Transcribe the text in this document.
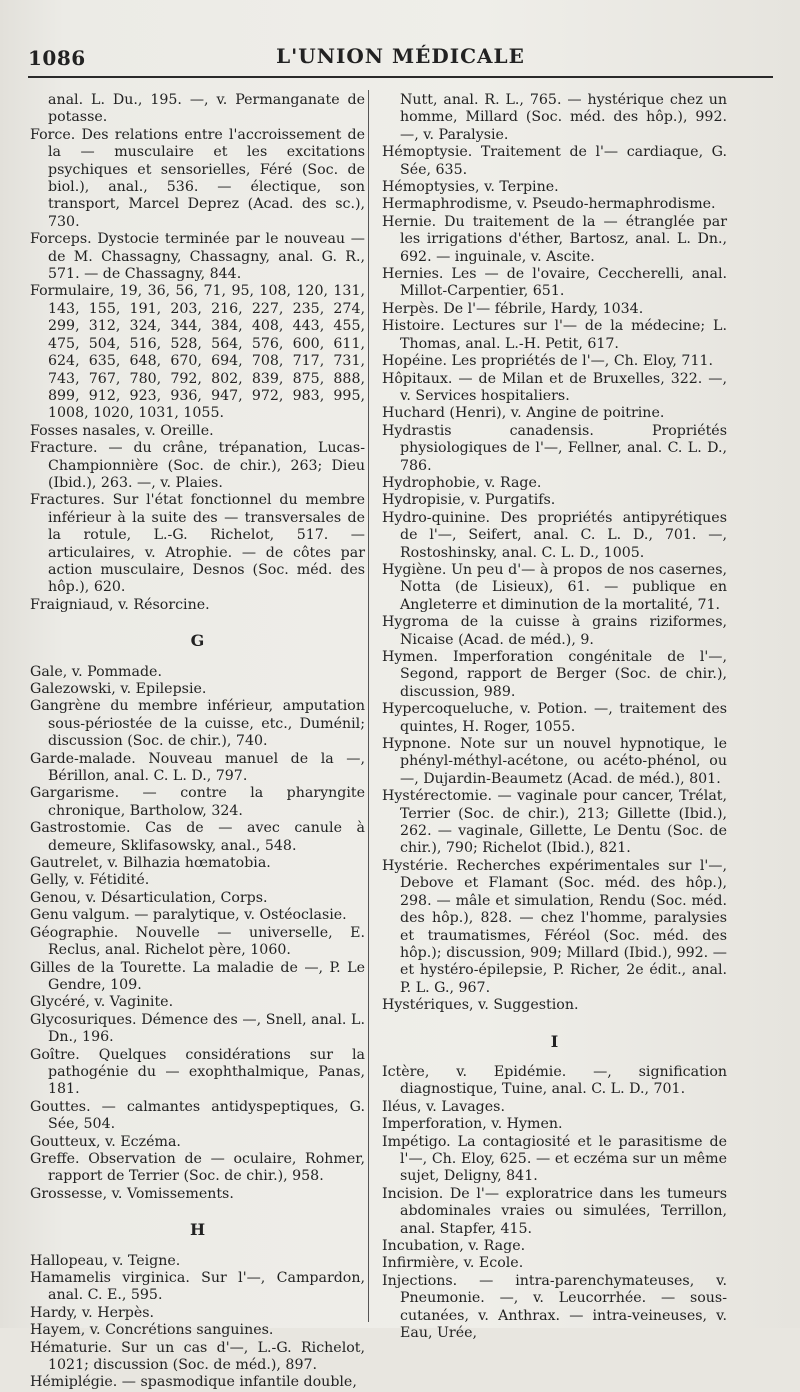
1086	L'UNION MÉDICALE

anal. L. Du., 195. —, v. Permanganate de potasse.

Force. Des relations entre l'accroissement de la — musculaire et les excitations psychiques et sensorielles, Féré (Soc. de biol.), anal., 536. — électique, son transport, Marcel Deprez (Acad. des sc.), 730.

Forceps. Dystocie terminée par le nouveau — de M. Chassagny, Chassagny, anal. G. R., 571. — de Chassagny, 844.

Formulaire, 19, 36, 56, 71, 95, 108, 120, 131, 143, 155, 191, 203, 216, 227, 235, 274, 299, 312, 324, 344, 384, 408, 443, 455, 475, 504, 516, 528, 564, 576, 600, 611, 624, 635, 648, 670, 694, 708, 717, 731, 743, 767, 780, 792, 802, 839, 875, 888, 899, 912, 923, 936, 947, 972, 983, 995, 1008, 1020, 1031, 1055.

Fosses nasales, v. Oreille.

Fracture. — du crâne, trépanation, Lucas-Championnière (Soc. de chir.), 263; Dieu (Ibid.), 263. —, v. Plaies.

Fractures. Sur l'état fonctionnel du membre inférieur à la suite des — transversales de la rotule, L.-G. Richelot, 517. — articulaires, v. Atrophie. — de côtes par action musculaire, Desnos (Soc. méd. des hôp.), 620.

Fraigniaud, v. Résorcine.

G

Gale, v. Pommade.

Galezowski, v. Epilepsie.

Gangrène du membre inférieur, amputation sous-périostée de la cuisse, etc., Duménil; discussion (Soc. de chir.), 740.

Garde-malade. Nouveau manuel de la —, Bérillon, anal. C. L. D., 797.

Gargarisme. — contre la pharyngite chronique, Bartholow, 324.

Gastrostomie. Cas de — avec canule à demeure, Sklifasowsky, anal., 548.

Gautrelet, v. Bilhazia hœmatobia.

Gelly, v. Fétidité.

Genou, v. Désarticulation, Corps.

Genu valgum. — paralytique, v. Ostéoclasie.

Géographie. Nouvelle — universelle, E. Reclus, anal. Richelot père, 1060.

Gilles de la Tourette. La maladie de —, P. Le Gendre, 109.

Glycéré, v. Vaginite.

Glycosuriques. Démence des —, Snell, anal. L. Dn., 196.

Goître. Quelques considérations sur la pathogénie du — exophthalmique, Panas, 181.

Gouttes. — calmantes antidyspeptiques, G. Sée, 504.

Goutteux, v. Eczéma.

Greffe. Observation de — oculaire, Rohmer, rapport de Terrier (Soc. de chir.), 958.

Grossesse, v. Vomissements.

H

Hallopeau, v. Teigne.

Hamamelis virginica. Sur l'—, Campardon, anal. C. E., 595.

Hardy, v. Herpès.

Hayem, v. Concrétions sanguines.

Hématurie. Sur un cas d'—, L.-G. Richelot, 1021; discussion (Soc. de méd.), 897.

Hémiplégie. — spasmodique infantile double,

Nutt, anal. R. L., 765. — hystérique chez un homme, Millard (Soc. méd. des hôp.), 992. —, v. Paralysie.

Hémoptysie. Traitement de l'— cardiaque, G. Sée, 635.

Hémoptysies, v. Terpine.

Hermaphrodisme, v. Pseudo-hermaphrodisme.

Hernie. Du traitement de la — étranglée par les irrigations d'éther, Bartosz, anal. L. Dn., 692. — inguinale, v. Ascite.

Hernies. Les — de l'ovaire, Ceccherelli, anal. Millot-Carpentier, 651.

Herpès. De l'— fébrile, Hardy, 1034.

Histoire. Lectures sur l'— de la médecine; L. Thomas, anal. L.-H. Petit, 617.

Hopéine. Les propriétés de l'—, Ch. Eloy, 711.

Hôpitaux. — de Milan et de Bruxelles, 322. —, v. Services hospitaliers.

Huchard (Henri), v. Angine de poitrine.

Hydrastis canadensis. Propriétés physiologiques de l'—, Fellner, anal. C. L. D., 786.

Hydrophobie, v. Rage.

Hydropisie, v. Purgatifs.

Hydro-quinine. Des propriétés antipyrétiques de l'—, Seifert, anal. C. L. D., 701. —, Rostoshinsky, anal. C. L. D., 1005.

Hygiène. Un peu d'— à propos de nos casernes, Notta (de Lisieux), 61. — publique en Angleterre et diminution de la mortalité, 71.

Hygroma de la cuisse à grains riziformes, Nicaise (Acad. de méd.), 9.

Hymen. Imperforation congénitale de l'—, Segond, rapport de Berger (Soc. de chir.), discussion, 989.

Hypercoqueluche, v. Potion. —, traitement des quintes, H. Roger, 1055.

Hypnone. Note sur un nouvel hypnotique, le phényl-méthyl-acétone, ou acéto-phénol, ou —, Dujardin-Beaumetz (Acad. de méd.), 801.

Hystérectomie. — vaginale pour cancer, Trélat, Terrier (Soc. de chir.), 213; Gillette (Ibid.), 262. — vaginale, Gillette, Le Dentu (Soc. de chir.), 790; Richelot (Ibid.), 821.

Hystérie. Recherches expérimentales sur l'—, Debove et Flamant (Soc. méd. des hôp.), 298. — mâle et simulation, Rendu (Soc. méd. des hôp.), 828. — chez l'homme, paralysies et traumatismes, Féréol (Soc. méd. des hôp.); discussion, 909; Millard (Ibid.), 992. — et hystéro-épilepsie, P. Richer, 2e édit., anal. P. L. G., 967.

Hystériques, v. Suggestion.

I

Ictère, v. Epidémie. —, signification diagnostique, Tuine, anal. C. L. D., 701.

Iléus, v. Lavages.

Imperforation, v. Hymen.

Impétigo. La contagiosité et le parasitisme de l'—, Ch. Eloy, 625. — et eczéma sur un même sujet, Deligny, 841.

Incision. De l'— exploratrice dans les tumeurs abdominales vraies ou simulées, Terrillon, anal. Stapfer, 415.

Incubation, v. Rage.

Infirmière, v. Ecole.

Injections. — intra-parenchymateuses, v. Pneumonie. —, v. Leucorrhée. — sous-cutanées, v. Anthrax. — intra-veineuses, v. Eau, Urée,
